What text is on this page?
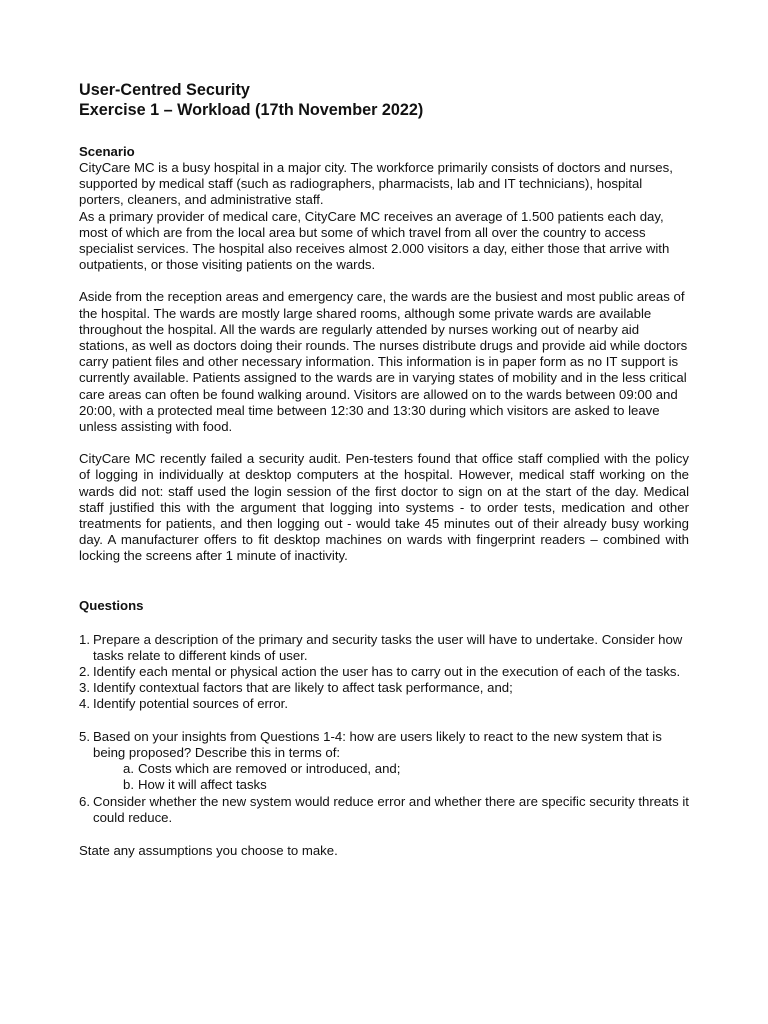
User-Centred Security
Exercise 1 – Workload (17th November 2022)
Scenario

CityCare MC is a busy hospital in a major city. The workforce primarily consists of doctors and nurses, supported by medical staff (such as radiographers, pharmacists, lab and IT technicians), hospital porters, cleaners, and administrative staff.

As a primary provider of medical care, CityCare MC receives an average of 1.500 patients each day, most of which are from the local area but some of which travel from all over the country to access specialist services. The hospital also receives almost 2.000 visitors a day, either those that arrive with outpatients, or those visiting patients on the wards.

Aside from the reception areas and emergency care, the wards are the busiest and most public areas of the hospital. The wards are mostly large shared rooms, although some private wards are available throughout the hospital. All the wards are regularly attended by nurses working out of nearby aid stations, as well as doctors doing their rounds. The nurses distribute drugs and provide aid while doctors carry patient files and other necessary information. This information is in paper form as no IT support is currently available. Patients assigned to the wards are in varying states of mobility and in the less critical care areas can often be found walking around. Visitors are allowed on to the wards between 09:00 and 20:00, with a protected meal time between 12:30 and 13:30 during which visitors are asked to leave unless assisting with food.

CityCare MC recently failed a security audit. Pen-testers found that office staff complied with the policy of logging in individually at desktop computers at the hospital. However, medical staff working on the wards did not: staff used the login session of the first doctor to sign on at the start of the day. Medical staff justified this with the argument that logging into systems - to order tests, medication and other treatments for patients, and then logging out - would take 45 minutes out of their already busy working day. A manufacturer offers to fit desktop machines on wards with fingerprint readers – combined with locking the screens after 1 minute of inactivity.

Questions
1. Prepare a description of the primary and security tasks the user will have to undertake. Consider how tasks relate to different kinds of user.
2. Identify each mental or physical action the user has to carry out in the execution of each of the tasks.
3. Identify contextual factors that are likely to affect task performance, and;
4. Identify potential sources of error.
5. Based on your insights from Questions 1-4: how are users likely to react to the new system that is being proposed? Describe this in terms of:
a. Costs which are removed or introduced, and;
b. How it will affect tasks
6. Consider whether the new system would reduce error and whether there are specific security threats it could reduce.

State any assumptions you choose to make.
